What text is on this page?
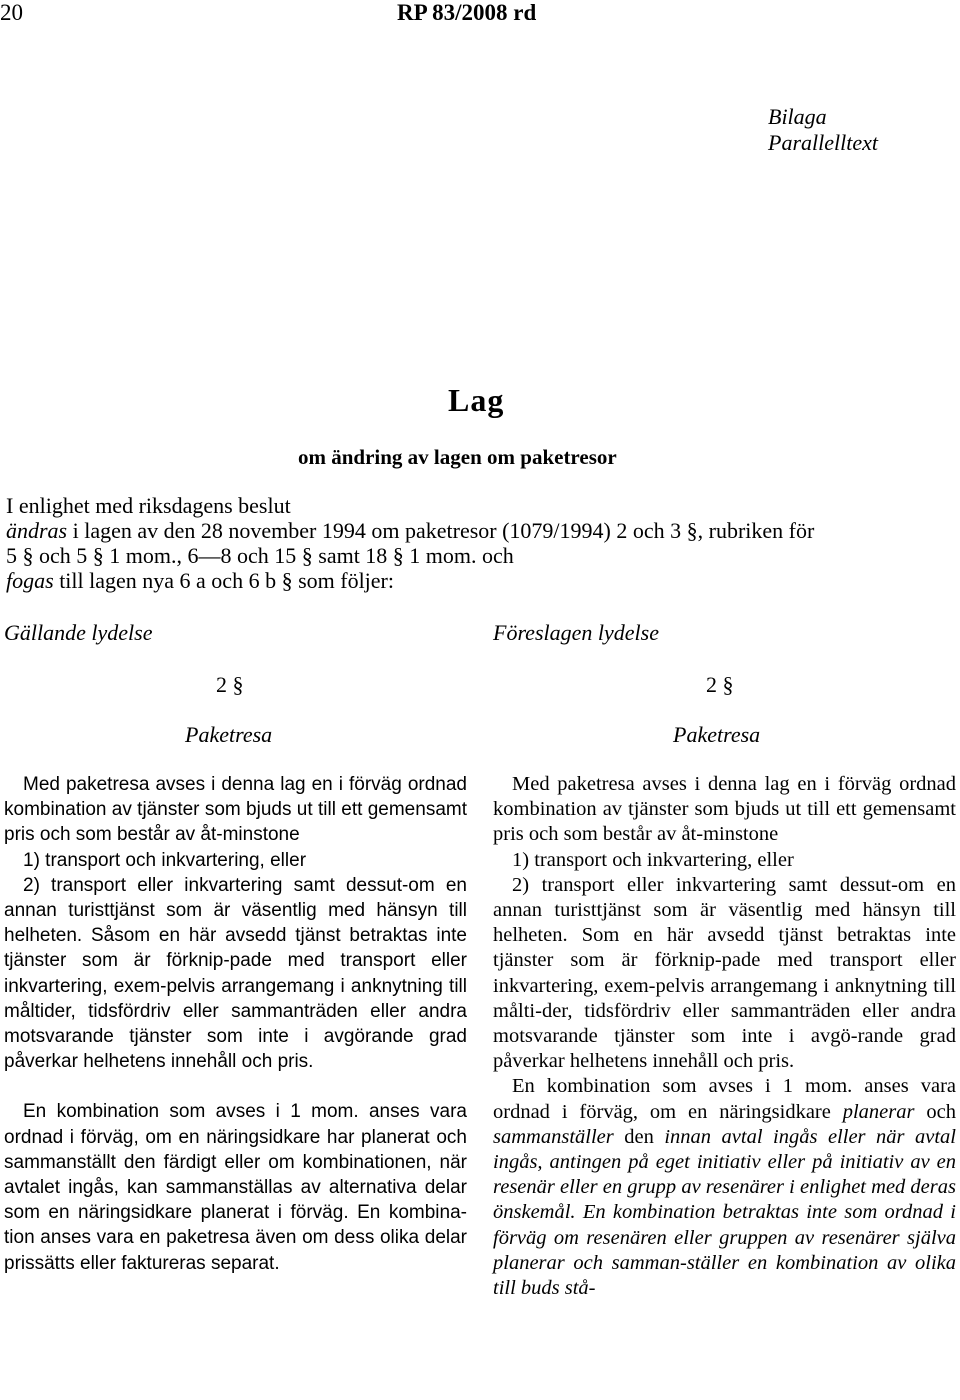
20	RP 83/2008 rd
Bilaga
Parallelltext
Lag
om ändring av lagen om paketresor
I enlighet med riksdagens beslut
ändras i lagen av den 28 november 1994 om paketresor (1079/1994) 2 och 3 §, rubriken för
5 § och 5 § 1 mom., 6—8 och 15 § samt 18 § 1 mom. och
fogas till lagen nya 6 a och 6 b § som följer:
Gällande lydelse	Föreslagen lydelse
2 §
Paketresa
2 §
Paketresa

Med paketresa avses i denna lag en i förväg ordnad kombination av tjänster som bjuds ut till ett gemensamt pris och som består av åt-minstone

1) transport och inkvartering, eller

2) transport eller inkvartering samt dessut-om en annan turisttjänst som är väsentlig med hänsyn till helheten. Såsom en här avsedd tjänst betraktas inte tjänster som är förknip-pade med transport eller inkvartering, exem-pelvis arrangemang i anknytning till måltider, tidsfördriv eller sammanträden eller andra motsvarande tjänster som inte i avgörande grad påverkar helhetens innehåll och pris.

En kombination som avses i 1 mom. anses vara ordnad i förväg, om en näringsidkare har planerat och sammanställt den färdigt eller om kombinationen, när avtalet ingås, kan sammanställas av alternativa delar som en näringsidkare planerat i förväg. En kombina-tion anses vara en paketresa även om dess olika delar prissätts eller faktureras separat.

Med paketresa avses i denna lag en i förväg ordnad kombination av tjänster som bjuds ut till ett gemensamt pris och som består av åt-minstone

1) transport och inkvartering, eller

2) transport eller inkvartering samt dessut-om en annan turisttjänst som är väsentlig med hänsyn till helheten. Som en här avsedd tjänst betraktas inte tjänster som är förknip-pade med transport eller inkvartering, exem-pelvis arrangemang i anknytning till målti-der, tidsfördriv eller sammanträden eller andra motsvarande tjänster som inte i avgö-rande grad påverkar helhetens innehåll och pris.

En kombination som avses i 1 mom. anses vara ordnad i förväg, om en näringsidkare planerar och sammanställer den innan avtal ingås eller när avtal ingås, antingen på eget initiativ eller på initiativ av en resenär eller en grupp av resenärer i enlighet med deras önskemål. En kombination betraktas inte som ordnad i förväg om resenären eller gruppen av resenärer själva planerar och samman-ställer en kombination av olika till buds stå-
